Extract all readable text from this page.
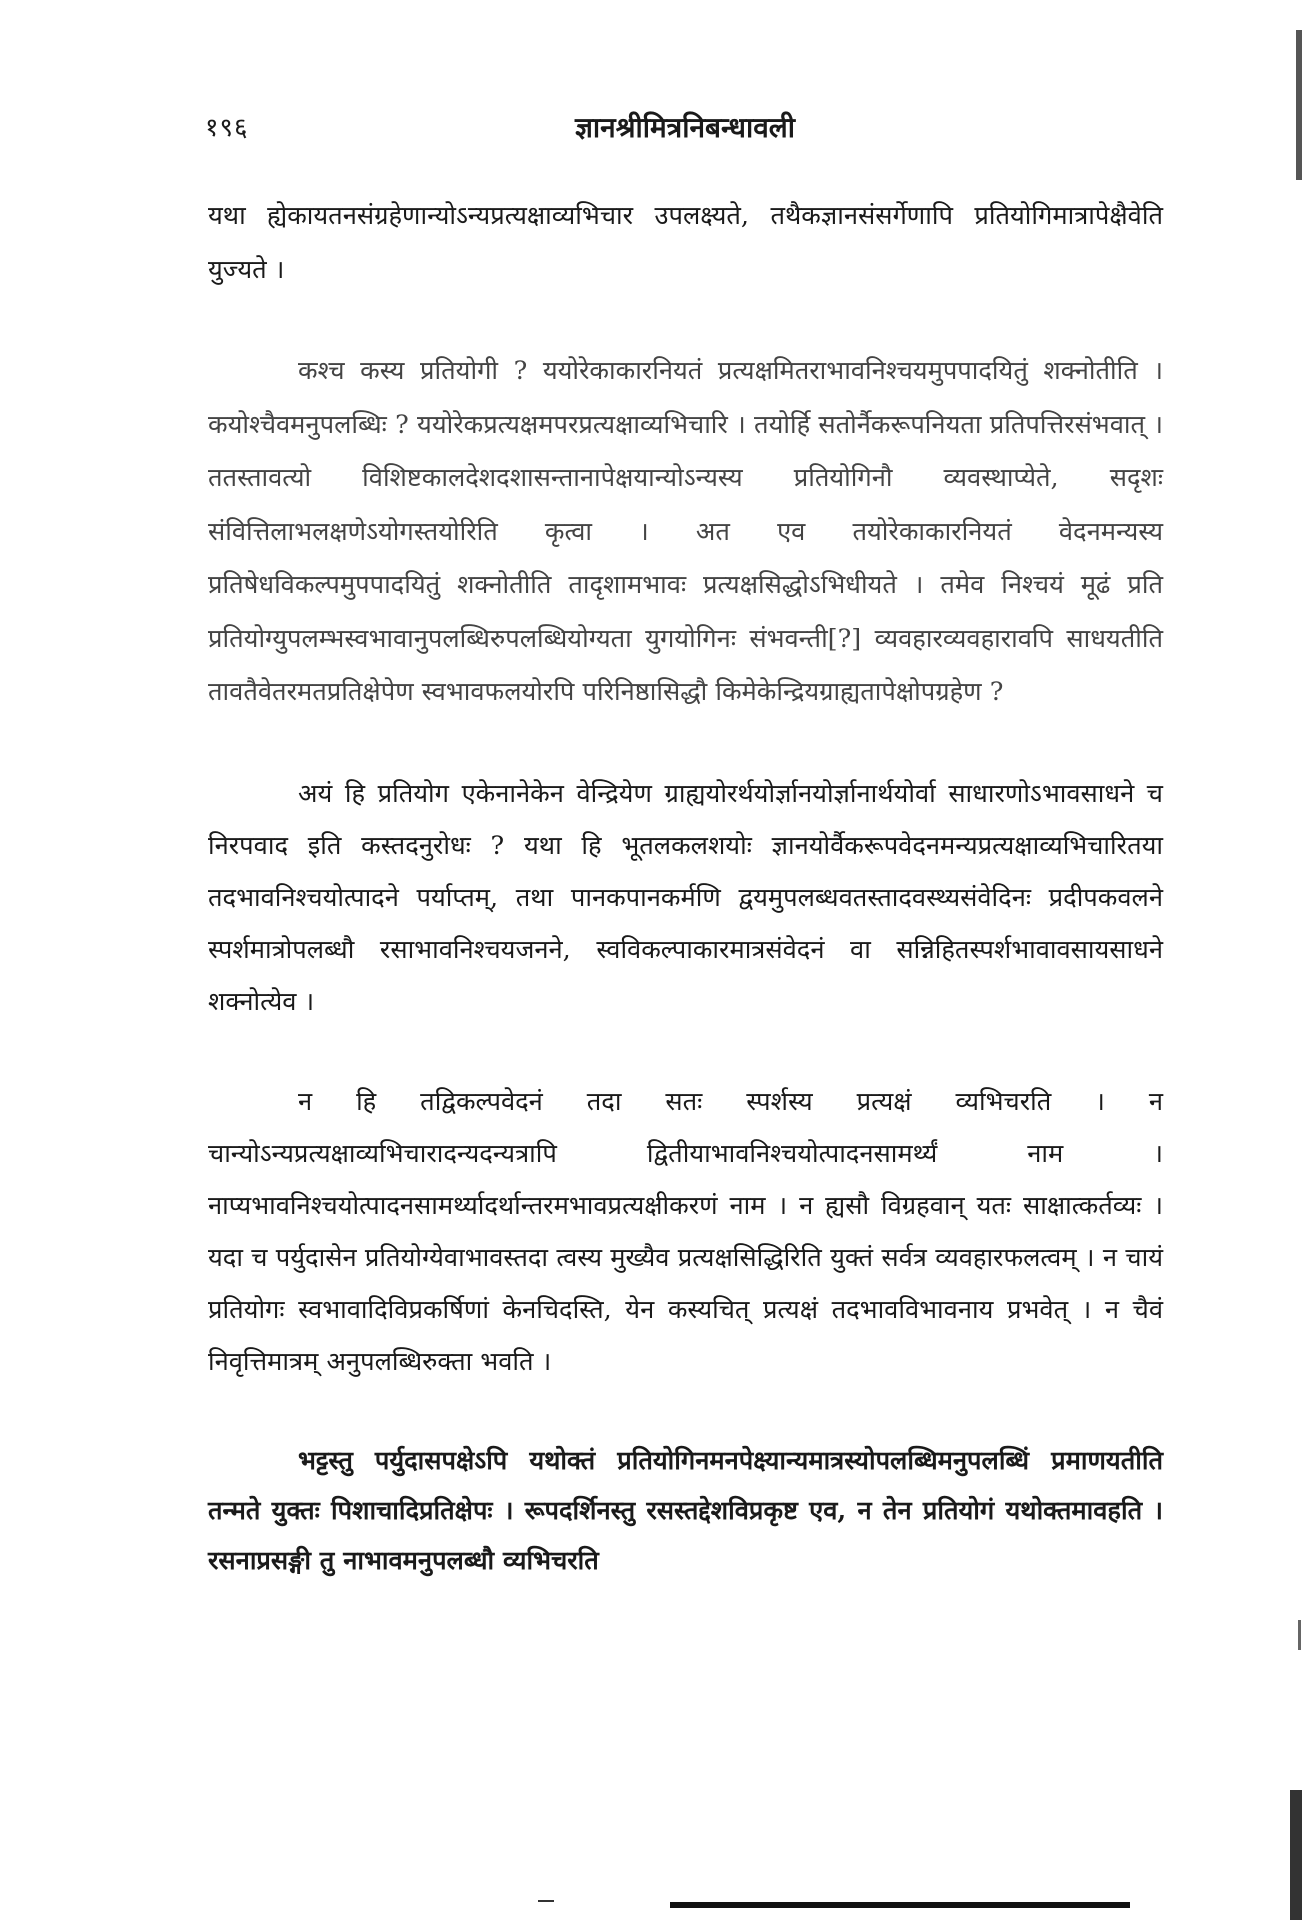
१९६	ज्ञानश्रीमित्रनिबन्धावली

यथा ह्येकायतनसंग्रहेणान्योऽन्यप्रत्यक्षाव्यभिचार उपलक्ष्यते, तथैकज्ञानसंसर्गेणापि प्रतियोगिमात्रापेक्षैवेति युज्यते ।

कश्च कस्य प्रतियोगी ? ययोरेकाकारनियतं प्रत्यक्षमितराभावनिश्चयमुपपादयितुं शक्नोतीति । कयोश्चैवमनुपलब्धिः ? ययोरेकप्रत्यक्षमपरप्रत्यक्षाव्यभिचारि । तयोर्हि सतोर्नैकरूपनियता प्रतिपत्तिरसंभवात् । ततस्तावत्यो विशिष्टकालदेशदशासन्तानापेक्षयान्योऽन्यस्य प्रतियोगिनौ व्यवस्थाप्येते, सदृशः संवित्तिलाभलक्षणेऽयोगस्तयोरिति कृत्वा । अत एव तयोरेकाकारनियतं वेदनमन्यस्य प्रतिषेधविकल्पमुपपादयितुं शक्नोतीति तादृशामभावः प्रत्यक्षसिद्धोऽभिधीयते । तमेव निश्चयं मूढं प्रति प्रतियोग्युपलम्भस्वभावानुपलब्धिरुपलब्धियोग्यता युगयोगिनः संभवन्ती[?] व्यवहारव्यवहारावपि साधयतीति तावतैवेतरमतप्रतिक्षेपेण स्वभावफलयोरपि परिनिष्ठासिद्धौ किमेकेन्द्रियग्राह्यतापेक्षोपग्रहेण ?

अयं हि प्रतियोग एकेनानेकेन वेन्द्रियेण ग्राह्ययोरर्थयोर्ज्ञानयोर्ज्ञानार्थयोर्वा साधारणोऽभावसाधने च निरपवाद इति कस्तदनुरोधः ? यथा हि भूतलकलशयोः ज्ञानयोर्वैकरूपवेदनमन्यप्रत्यक्षाव्यभिचारितया तदभावनिश्चयोत्पादने पर्याप्तम्, तथा पानकपानकर्मणि द्वयमुपलब्धवतस्तादवस्थ्यसंवेदिनः प्रदीपकवलने स्पर्शमात्रोपलब्धौ रसाभावनिश्चयजनने, स्वविकल्पाकारमात्रसंवेदनं वा सन्निहितस्पर्शभावावसायसाधने शक्नोत्येव ।

न हि तद्विकल्पवेदनं तदा सतः स्पर्शस्य प्रत्यक्षं व्यभिचरति । न चान्योऽन्यप्रत्यक्षाव्यभिचारादन्यदन्यत्रापि द्वितीयाभावनिश्चयोत्पादनसामर्थ्यं नाम । नाप्यभावनिश्चयोत्पादनसामर्थ्यादर्थान्तरमभावप्रत्यक्षीकरणं नाम । न ह्यसौ विग्रहवान् यतः साक्षात्कर्तव्यः । यदा च पर्युदासेन प्रतियोग्येवाभावस्तदा त्वस्य मुख्यैव प्रत्यक्षसिद्धिरिति युक्तं सर्वत्र व्यवहारफलत्वम् । न चायं प्रतियोगः स्वभावादिविप्रकर्षिणां केनचिदस्ति, येन कस्यचित् प्रत्यक्षं तदभावविभावनाय प्रभवेत् । न चैवं निवृत्तिमात्रम् अनुपलब्धिरुक्ता भवति ।

भट्टस्तु पर्युदासपक्षेऽपि यथोक्तं प्रतियोगिनमनपेक्ष्यान्यमात्रस्योपलब्धिमनुपलब्धिं प्रमाणयतीति तन्मते युक्तः पिशाचादिप्रतिक्षेपः । रूपदर्शिनस्तु रसस्तद्देशविप्रकृष्ट एव, न तेन प्रतियोगं यथोक्तमावहति । रसनाप्रसङ्गी तु नाभावमनुपलब्धौ व्यभिचरति
